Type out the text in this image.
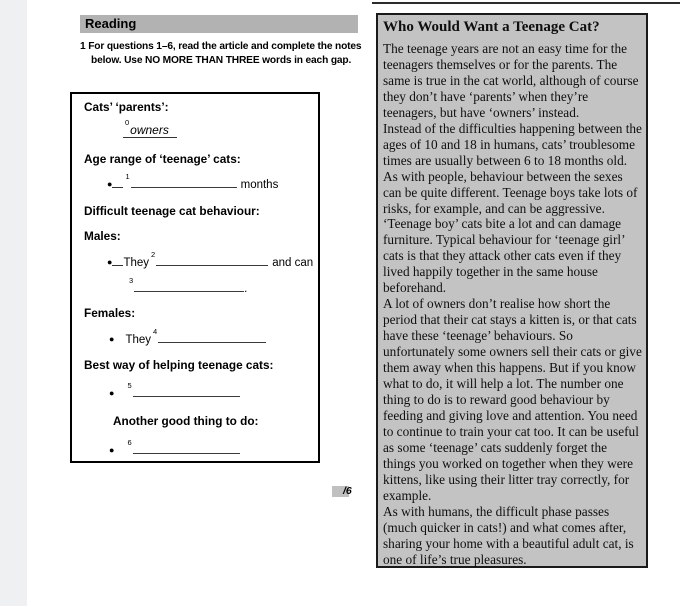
Reading
1 For questions 1–6, read the article and complete the notes below. Use NO MORE THAN THREE words in each gap.
Cats’ ‘parents’:
$^0$owners
Age range of ‘teenage’ cats:
●$^1$months
Difficult teenage cat behaviour:
Males:
● They$^2$and can
$^3$.
Females:
● They$^4$
Best way of helping teenage cats:
●$^5$
Another good thing to do:
●$^6$
/6
Who Would Want a Teenage Cat?

The teenage years are not an easy time for the teenagers themselves or for the parents. The same is true in the cat world, although of course they don’t have ‘parents’ when they’re teenagers, but have ‘owners’ instead.

Instead of the difficulties happening between the ages of 10 and 18 in humans, cats’ troublesome times are usually between 6 to 18 months old.

As with people, behaviour between the sexes can be quite different. Teenage boys take lots of risks, for example, and can be aggressive. ‘Teenage boy’ cats bite a lot and can damage furniture. Typical behaviour for ‘teenage girl’ cats is that they attack other cats even if they lived happily together in the same house beforehand.

A lot of owners don’t realise how short the period that their cat stays a kitten is, or that cats have these ‘teenage’ behaviours. So unfortunately some owners sell their cats or give them away when this happens. But if you know what to do, it will help a lot. The number one thing to do is to reward good behaviour by feeding and giving love and attention. You need to continue to train your cat too. It can be useful as some ‘teenage’ cats suddenly forget the things you worked on together when they were kittens, like using their litter tray correctly, for example.

As with humans, the difficult phase passes (much quicker in cats!) and what comes after, sharing your home with a beautiful adult cat, is one of life’s true pleasures.
